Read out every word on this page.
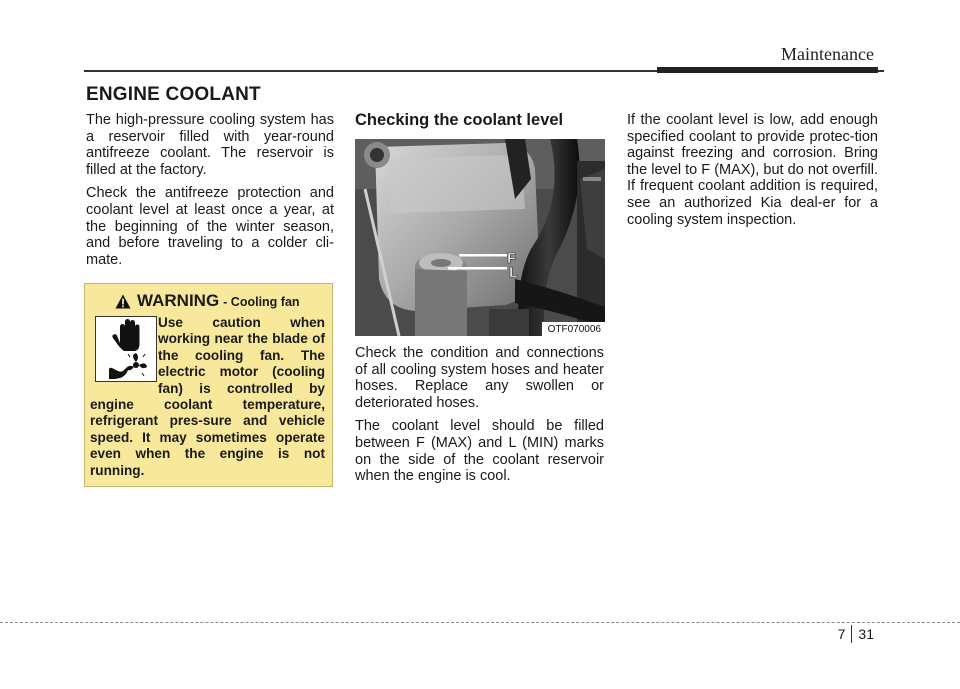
Maintenance
ENGINE COOLANT

The high-pressure cooling system has a reservoir filled with year-round antifreeze coolant. The reservoir is filled at the factory.

Check the antifreeze protection and coolant level at least once a year, at the beginning of the winter season, and before traveling to a colder cli-mate.

WARNING - Cooling fan
Use caution when working near the blade of the cooling fan. The electric motor (cooling fan) is controlled by engine coolant temperature, refrigerant pres-sure and vehicle speed. It may sometimes operate even when the engine is not running.
Checking the coolant level
F
L
OTF070006

Check the condition and connections of all cooling system hoses and heater hoses. Replace any swollen or deteriorated hoses.

The coolant level should be filled between F (MAX) and L (MIN) marks on the side of the coolant reservoir when the engine is cool.

If the coolant level is low, add enough specified coolant to provide protec-tion against freezing and corrosion. Bring the level to F (MAX), but do not overfill. If frequent coolant addition is required, see an authorized Kia deal-er for a cooling system inspection.

7 31
